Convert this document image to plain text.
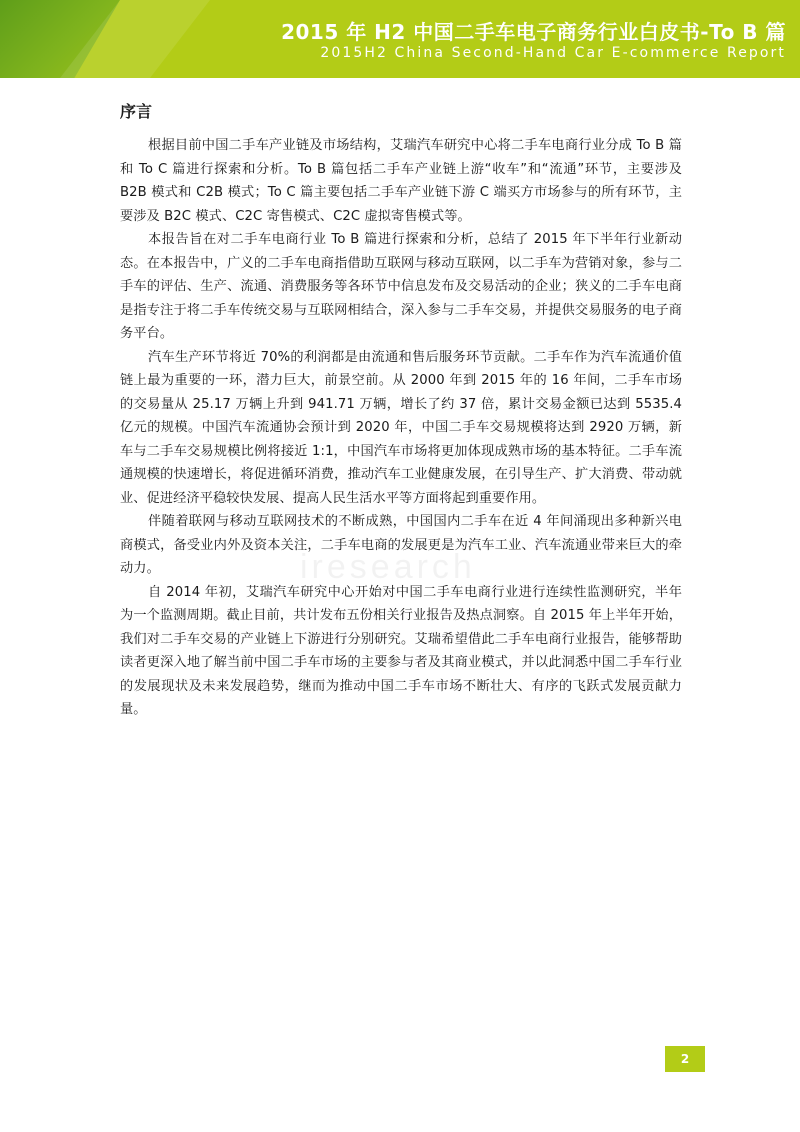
2015 年 H2 中国二手车电子商务行业白皮书-To B 篇
2015H2 China Second-Hand Car E-commerce Report
iresearch
序言

根据目前中国二手车产业链及市场结构，艾瑞汽车研究中心将二手车电商行业分成 To B 篇和 To C 篇进行探索和分析。To B 篇包括二手车产业链上游“收车”和“流通”环节，主要涉及 B2B 模式和 C2B 模式；To C 篇主要包括二手车产业链下游 C 端买方市场参与的所有环节，主要涉及 B2C 模式、C2C 寄售模式、C2C 虚拟寄售模式等。

本报告旨在对二手车电商行业 To B 篇进行探索和分析，总结了 2015 年下半年行业新动态。在本报告中，广义的二手车电商指借助互联网与移动互联网，以二手车为营销对象，参与二手车的评估、生产、流通、消费服务等各环节中信息发布及交易活动的企业；狭义的二手车电商是指专注于将二手车传统交易与互联网相结合，深入参与二手车交易，并提供交易服务的电子商务平台。

汽车生产环节将近 70%的利润都是由流通和售后服务环节贡献。二手车作为汽车流通价值链上最为重要的一环，潜力巨大，前景空前。从 2000 年到 2015 年的 16 年间，二手车市场的交易量从 25.17 万辆上升到 941.71 万辆，增长了约 37 倍，累计交易金额已达到 5535.4 亿元的规模。中国汽车流通协会预计到 2020 年，中国二手车交易规模将达到 2920 万辆，新车与二手车交易规模比例将接近 1:1，中国汽车市场将更加体现成熟市场的基本特征。二手车流通规模的快速增长，将促进循环消费，推动汽车工业健康发展，在引导生产、扩大消费、带动就业、促进经济平稳较快发展、提高人民生活水平等方面将起到重要作用。

伴随着联网与移动互联网技术的不断成熟，中国国内二手车在近 4 年间涌现出多种新兴电商模式，备受业内外及资本关注，二手车电商的发展更是为汽车工业、汽车流通业带来巨大的牵动力。

自 2014 年初，艾瑞汽车研究中心开始对中国二手车电商行业进行连续性监测研究，半年为一个监测周期。截止目前，共计发布五份相关行业报告及热点洞察。自 2015 年上半年开始，我们对二手车交易的产业链上下游进行分别研究。艾瑞希望借此二手车电商行业报告，能够帮助读者更深入地了解当前中国二手车市场的主要参与者及其商业模式，并以此洞悉中国二手车行业的发展现状及未来发展趋势，继而为推动中国二手车市场不断壮大、有序的飞跃式发展贡献力量。

2
